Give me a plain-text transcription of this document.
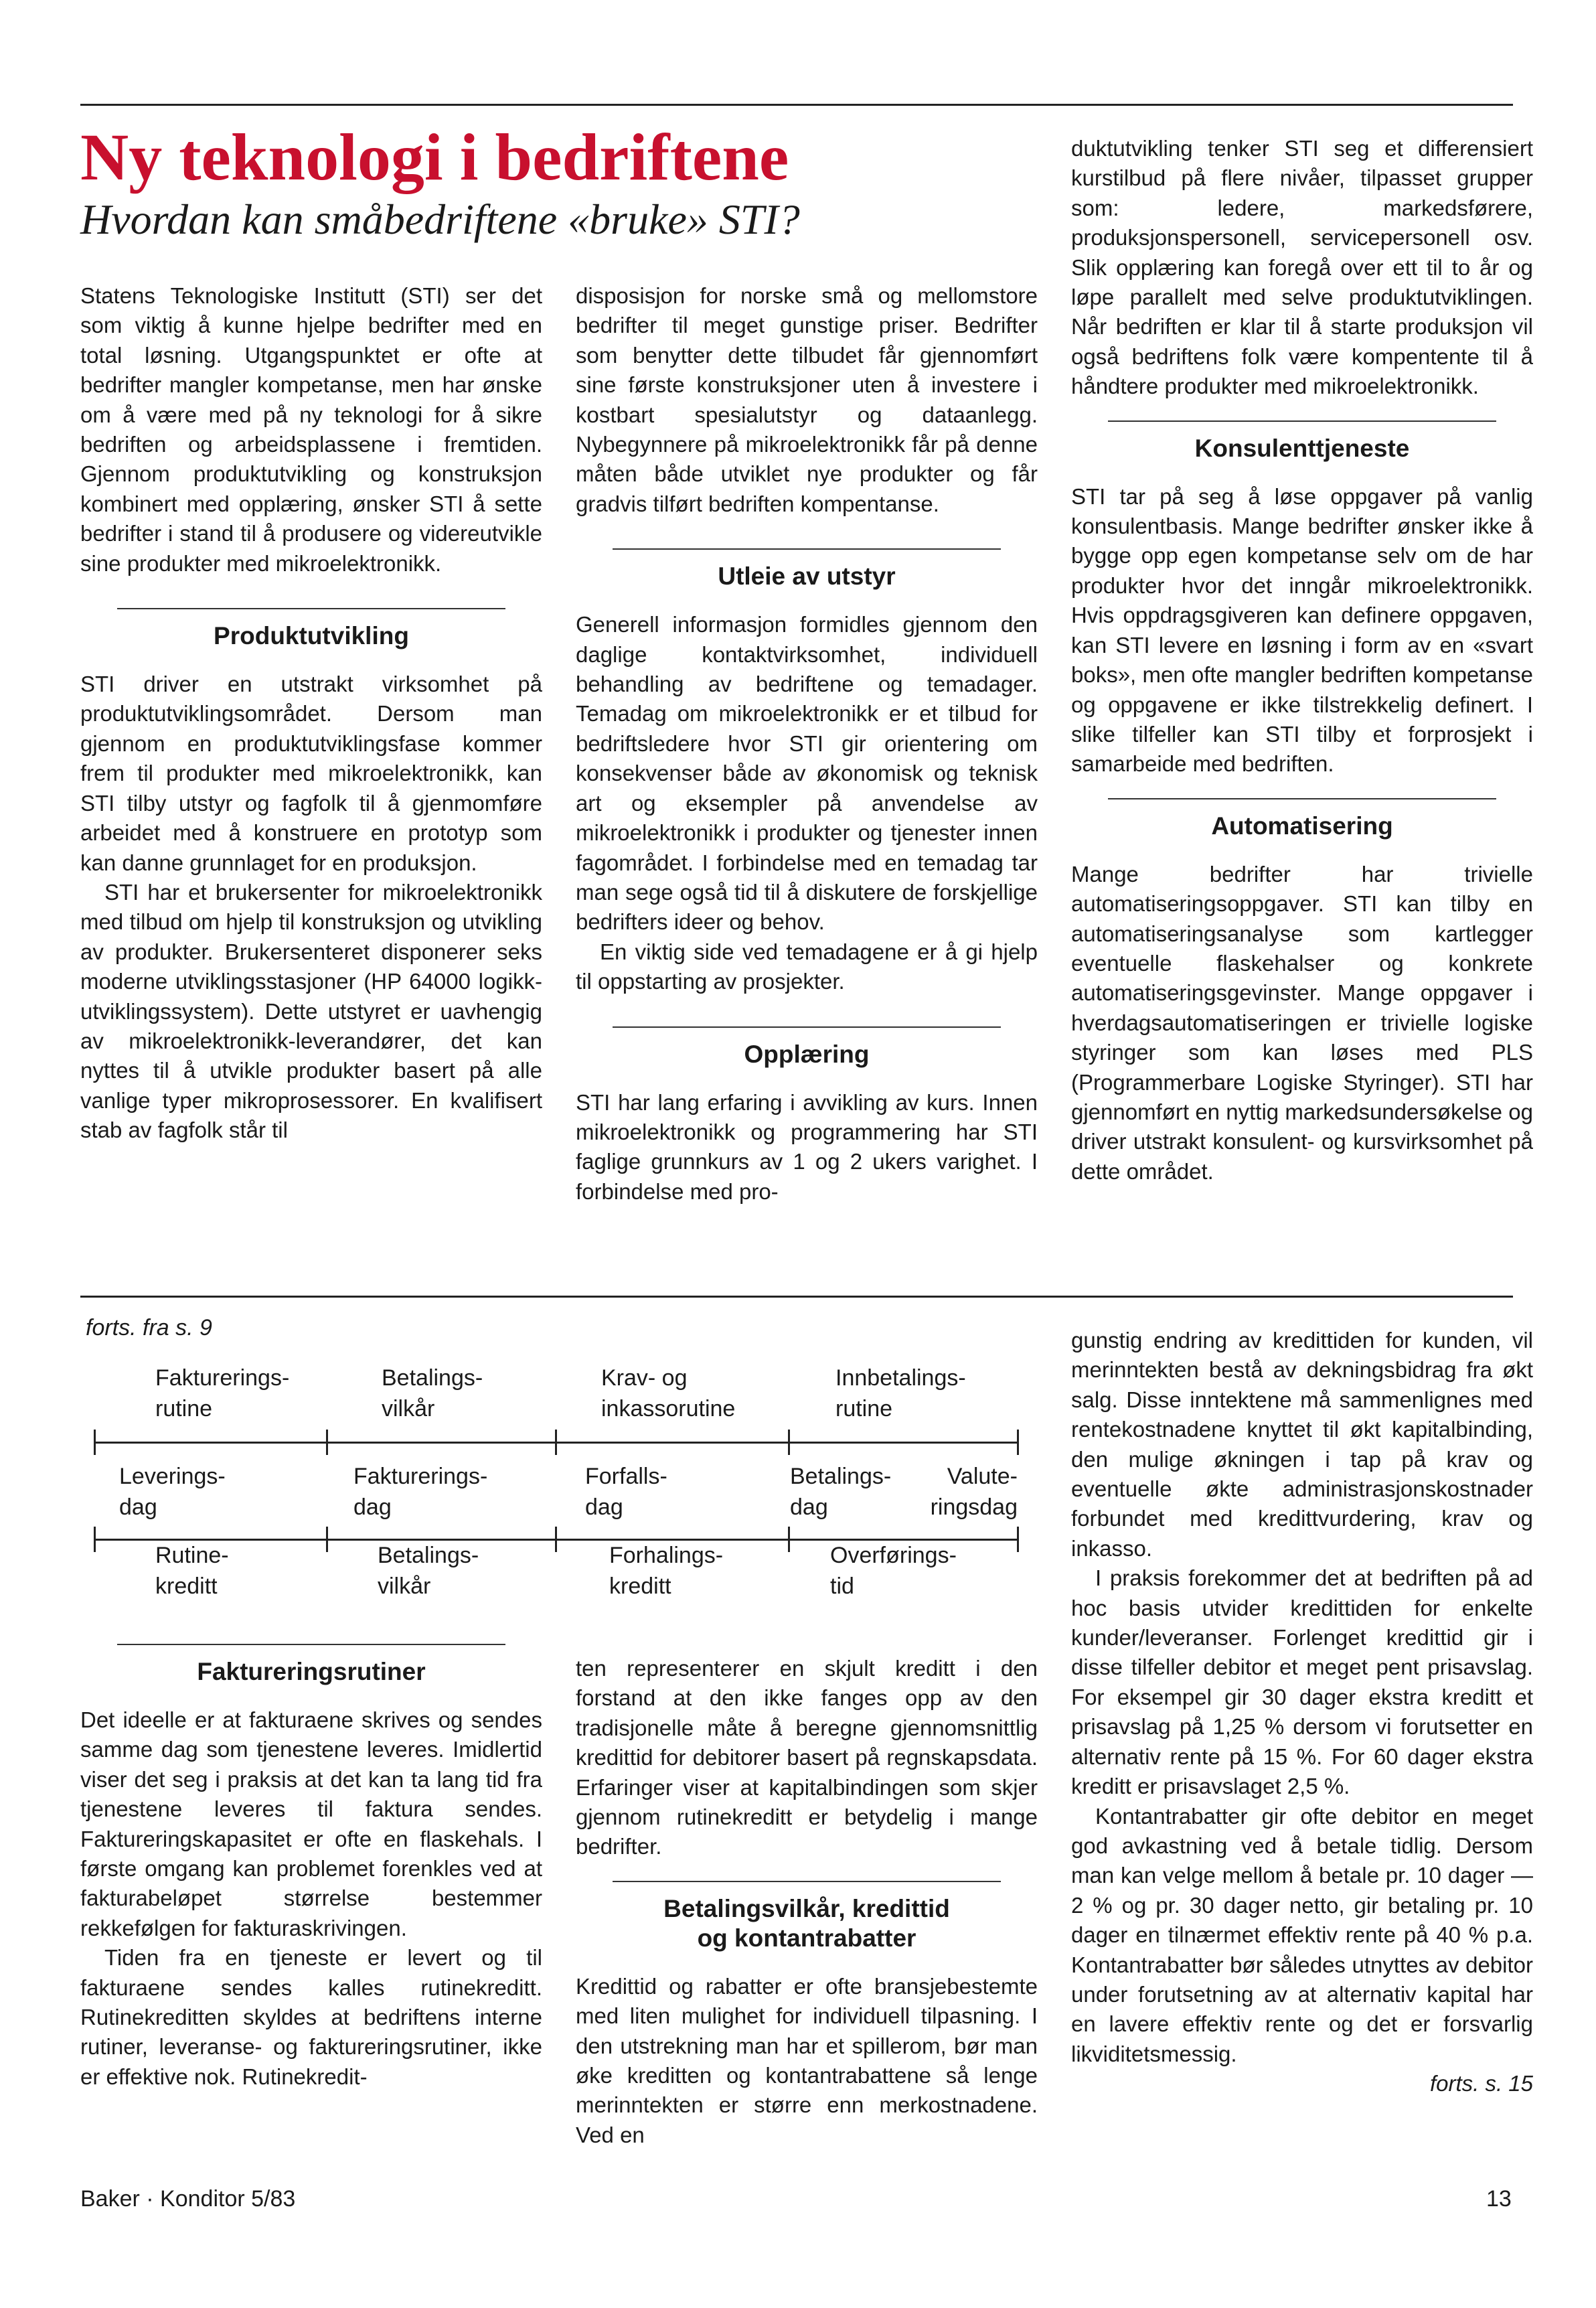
Ny teknologi i bedriftene
Hvordan kan småbedriftene «bruke» STI?

Statens Teknologiske Institutt (STI) ser det som viktig å kunne hjelpe bedrifter med en total løsning. Utgangspunktet er ofte at bedrifter mangler kompetanse, men har ønske om å være med på ny teknologi for å sikre bedriften og arbeidsplassene i fremtiden. Gjennom produktutvikling og konstruksjon kombinert med opplæring, ønsker STI å sette bedrifter i stand til å produsere og videreutvikle sine produkter med mikroelektronikk.

Produktutvikling

STI driver en utstrakt virksomhet på produktutviklingsområdet. Dersom man gjennom en produktutviklingsfase kommer frem til produkter med mikroelektronikk, kan STI tilby utstyr og fagfolk til å gjenmomføre arbeidet med å konstruere en prototyp som kan danne grunnlaget for en produksjon.

STI har et brukersenter for mikroelektronikk med tilbud om hjelp til konstruksjon og utvikling av produkter. Brukersenteret disponerer seks moderne utviklingsstasjoner (HP 64000 logikk-utviklingssystem). Dette utstyret er uavhengig av mikroelektronikk-leverandører, det kan nyttes til å utvikle produkter basert på alle vanlige typer mikroprosessorer. En kvalifisert stab av fagfolk står til

disposisjon for norske små og mellomstore bedrifter til meget gunstige priser. Bedrifter som benytter dette tilbudet får gjennomført sine første konstruksjoner uten å investere i kostbart spesialutstyr og dataanlegg. Nybegynnere på mikroelektronikk får på denne måten både utviklet nye produkter og får gradvis tilført bedriften kompentanse.

Utleie av utstyr

Generell informasjon formidles gjennom den daglige kontaktvirksomhet, individuell behandling av bedriftene og temadager. Temadag om mikroelektronikk er et tilbud for bedriftsledere hvor STI gir orientering om konsekvenser både av økonomisk og teknisk art og eksempler på anvendelse av mikroelektronikk i produkter og tjenester innen fagområdet. I forbindelse med en temadag tar man sege også tid til å diskutere de forskjellige bedrifters ideer og behov.

En viktig side ved temadagene er å gi hjelp til oppstarting av prosjekter.

Opplæring

STI har lang erfaring i avvikling av kurs. Innen mikroelektronikk og programmering har STI faglige grunnkurs av 1 og 2 ukers varighet. I forbindelse med pro-

duktutvikling tenker STI seg et differensiert kurstilbud på flere nivåer, tilpasset grupper som: ledere, markedsførere, produksjonspersonell, servicepersonell osv. Slik opplæring kan foregå over ett til to år og løpe parallelt med selve produktutviklingen. Når bedriften er klar til å starte produksjon vil også bedriftens folk være kompentente til å håndtere produkter med mikroelektronikk.

Konsulenttjeneste

STI tar på seg å løse oppgaver på vanlig konsulentbasis. Mange bedrifter ønsker ikke å bygge opp egen kompetanse selv om de har produkter hvor det inngår mikroelektronikk. Hvis oppdragsgiveren kan definere oppgaven, kan STI levere en løsning i form av en «svart boks», men ofte mangler bedriften kompetanse og oppgavene er ikke tilstrekkelig definert. I slike tilfeller kan STI tilby et forprosjekt i samarbeide med bedriften.

Automatisering

Mange bedrifter har trivielle automatiseringsoppgaver. STI kan tilby en automatiseringsanalyse som kartlegger eventuelle flaskehalser og konkrete automatiseringsgevinster. Mange oppgaver i hverdagsautomatiseringen er trivielle logiske styringer som kan løses med PLS (Programmerbare Logiske Styringer). STI har gjennomført en nyttig markedsundersøkelse og driver utstrakt konsulent- og kursvirksomhet på dette området.

forts. fra s. 9
Fakturerings-
rutine
Betalings-
vilkår
Krav- og
inkassorutine
Innbetalings-
rutine
Leverings-
dag
Fakturerings-
dag
Forfalls-
dag
Betalings-
dag
Valute-
ringsdag
Rutine-
kreditt
Betalings-
vilkår
Forhalings-
kreditt
Overførings-
tid
Faktureringsrutiner

Det ideelle er at fakturaene skrives og sendes samme dag som tjenestene leveres. Imidlertid viser det seg i praksis at det kan ta lang tid fra tjenestene leveres til faktura sendes. Faktureringskapasitet er ofte en flaskehals. I første omgang kan problemet forenkles ved at fakturabeløpet størrelse bestemmer rekkefølgen for fakturaskrivingen.

Tiden fra en tjeneste er levert og til fakturaene sendes kalles rutinekreditt. Rutinekreditten skyldes at bedriftens interne rutiner, leveranse- og faktureringsrutiner, ikke er effektive nok. Rutinekredit-

ten representerer en skjult kreditt i den forstand at den ikke fanges opp av den tradisjonelle måte å beregne gjennomsnittlig kredittid for debitorer basert på regnskapsdata. Erfaringer viser at kapitalbindingen som skjer gjennom rutinekreditt er betydelig i mange bedrifter.

Betalingsvilkår, kredittid
og kontantrabatter

Kredittid og rabatter er ofte bransjebestemte med liten mulighet for individuell tilpasning. I den utstrekning man har et spillerom, bør man øke kreditten og kontantrabattene så lenge merinntekten er større enn merkostnadene. Ved en

gunstig endring av kredittiden for kunden, vil merinntekten bestå av dekningsbidrag fra økt salg. Disse inntektene må sammenlignes med rentekostnadene knyttet til økt kapitalbinding, den mulige økningen i tap på krav og eventuelle økte administrasjonskostnader forbundet med kredittvurdering, krav og inkasso.

I praksis forekommer det at bedriften på ad hoc basis utvider kredittiden for enkelte kunder/leveranser. Forlenget kredittid gir i disse tilfeller debitor et meget pent prisavslag. For eksempel gir 30 dager ekstra kreditt et prisavslag på 1,25 % dersom vi forutsetter en alternativ rente på 15 %. For 60 dager ekstra kreditt er prisavslaget 2,5 %.

Kontantrabatter gir ofte debitor en meget god avkastning ved å betale tidlig. Dersom man kan velge mellom å betale pr. 10 dager — 2 % og pr. 30 dager netto, gir betaling pr. 10 dager en tilnærmet effektiv rente på 40 % p.a. Kontantrabatter bør således utnyttes av debitor under forutsetning av at alternativ kapital har en lavere effektiv rente og det er forsvarlig likviditetsmessig.

forts. s. 15

Baker · Konditor 5/83	13
